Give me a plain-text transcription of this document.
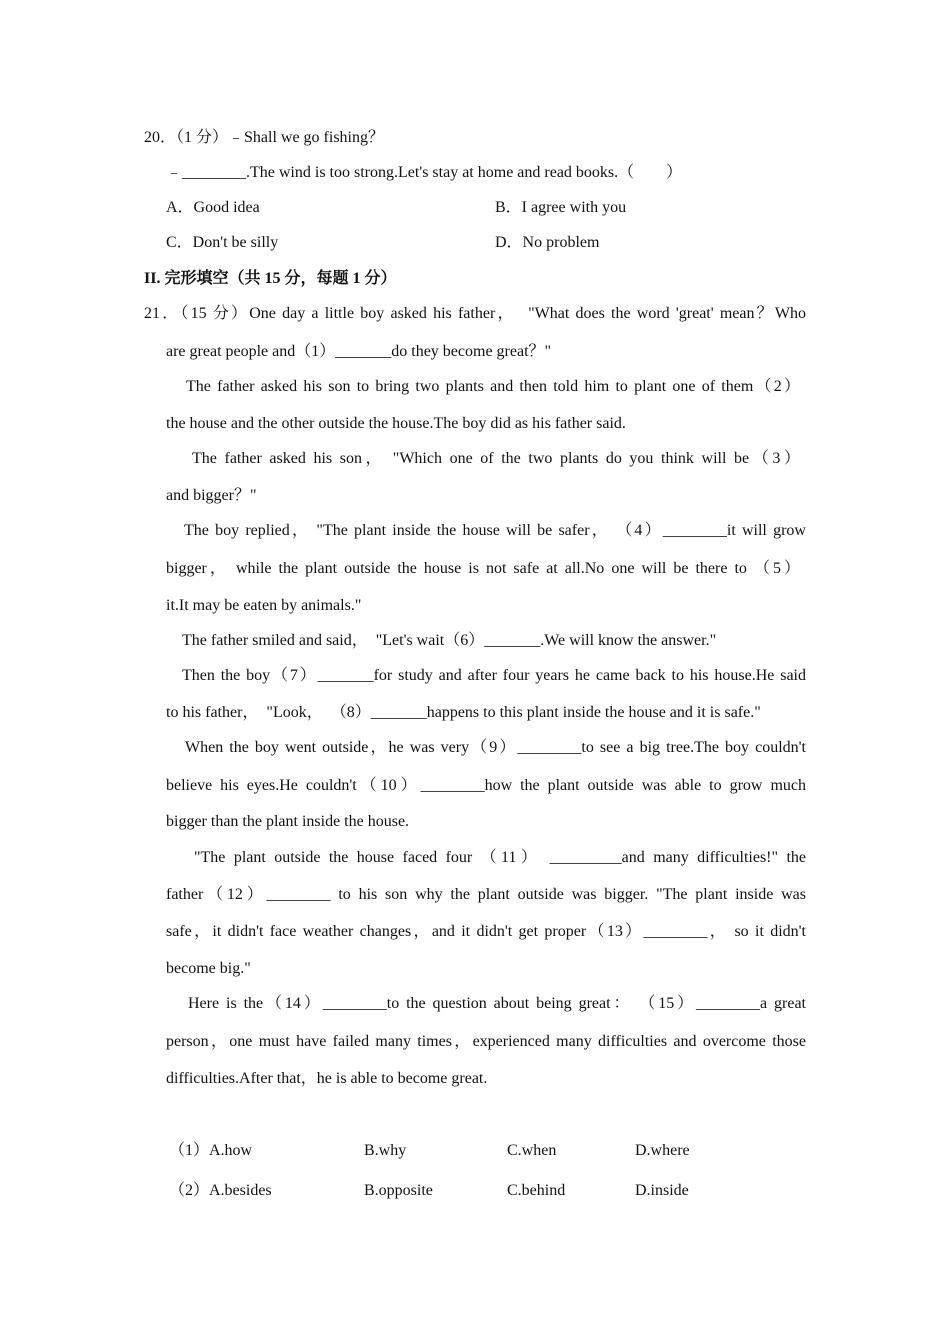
20．（1 分）﹣Shall we go fishing？
﹣________.The wind is too strong.Let's stay at home and read books.（　　）
A．Good idea	B．I agree with you
C．Don't be silly	D．No problem
II. 完形填空（共 15 分，每题 1 分）
21．（15 分）One day a little boy asked his father，  "What does the word 'great' mean？Who
are great people and（1）_______do they become great？"
The father asked his son to bring two plants and then told him to plant one of them（2）
the house and the other outside the house.The boy did as his father said.
The father asked his son， "Which one of the two plants do you think will be（3）
and bigger？"
The boy replied， "The plant inside the house will be safer， （4）________it will grow
bigger， while the plant outside the house is not safe at all.No one will be there to （5）
it.It may be eaten by animals."
The father smiled and said，  "Let's wait（6）_______.We will know the answer."
Then the boy（7）_______for study and after four years he came back to his house.He said
to his father，  "Look，  （8）_______happens to this plant inside the house and it is safe."
When the boy went outside，he was very（9）________to see a big tree.The boy couldn't
believe his eyes.He couldn't（10）________how the plant outside was able to grow much
bigger than the plant inside the house.
"The plant outside the house faced four （11） _________and many difficulties!" the
father（12）________ to his son why the plant outside was bigger. "The plant inside was
safe，it didn't face weather changes，and it didn't get proper（13）________， so it didn't
become big."
Here is the（14）________to the question about being great： （15）________a great
person，one must have failed many times，experienced many difficulties and overcome those
difficulties.After that，he is able to become great.
（1）A.how	B.why	C.when	D.where
（2）A.besides	B.opposite	C.behind	D.inside
